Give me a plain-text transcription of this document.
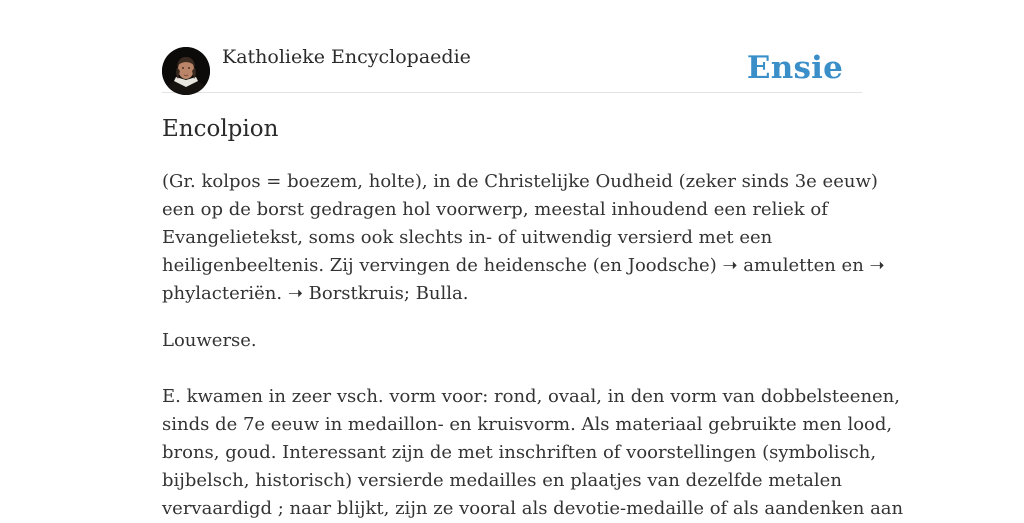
Katholieke Encyclopaedie	Ensie
Encolpion

(Gr. kolpos = boezem, holte), in de Christelijke Oudheid (zeker sinds 3e eeuw)

een op de borst gedragen hol voorwerp, meestal inhoudend een reliek of

Evangelietekst, soms ook slechts in- of uitwendig versierd met een

heiligenbeeltenis. Zij vervingen de heidensche (en Joodsche) ➝ amuletten en ➝

phylacteriën. ➝ Borstkruis; Bulla.

Louwerse.

E. kwamen in zeer vsch. vorm voor: rond, ovaal, in den vorm van dobbelsteenen,

sinds de 7e eeuw in medaillon- en kruisvorm. Als materiaal gebruikte men lood,

brons, goud. Interessant zijn de met inschriften of voorstellingen (symbolisch,

bijbelsch, historisch) versierde medailles en plaatjes van dezelfde metalen

vervaardigd ; naar blijkt, zijn ze vooral als devotie-medaille of als aandenken aan
